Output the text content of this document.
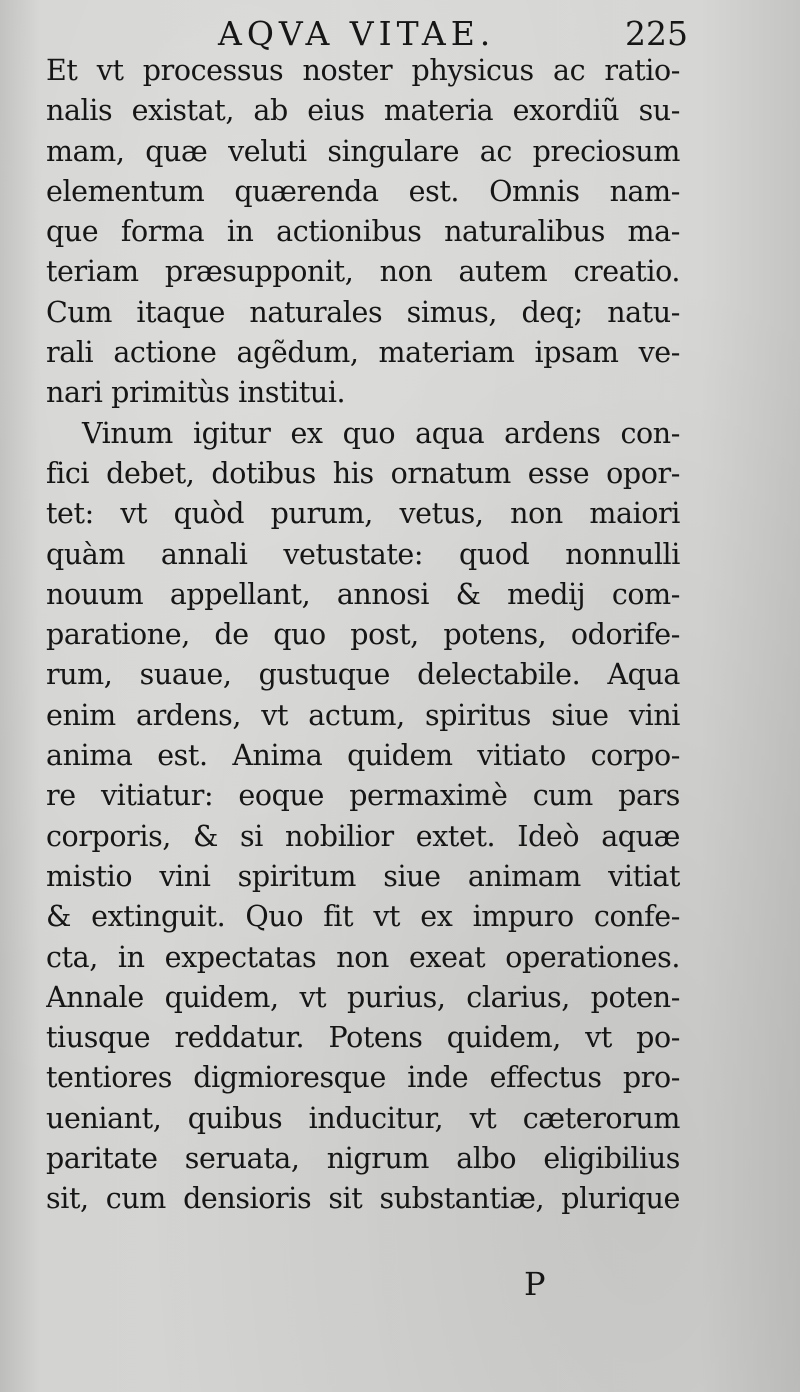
AQVA VITAE.	225
Et vt processus noster physicus ac ratio-
nalis existat, ab eius materia exordiũ su-
mam, quæ veluti singulare ac preciosum
elementum quærenda est. Omnis nam-
que forma in actionibus naturalibus ma-
teriam præsupponit, non autem creatio.
Cum itaque naturales simus, deq; natu-
rali actione agẽdum, materiam ipsam ve-
nari primitùs institui.
Vinum igitur ex quo aqua ardens con-
fici debet, dotibus his ornatum esse opor-
tet: vt quòd purum, vetus, non maiori
quàm annali vetustate: quod nonnulli
nouum appellant, annosi & medij com-
paratione, de quo post, potens, odorife-
rum, suaue, gustuque delectabile. Aqua
enim ardens, vt actum, spiritus siue vini
anima est. Anima quidem vitiato corpo-
re vitiatur: eoque permaximè cum pars
corporis, & si nobilior extet. Ideò aquæ
mistio vini spiritum siue animam vitiat
& extinguit. Quo fit vt ex impuro confe-
cta, in expectatas non exeat operationes.
Annale quidem, vt purius, clarius, poten-
tiusque reddatur. Potens quidem, vt po-
tentiores digmioresque inde effectus pro-
ueniant, quibus inducitur, vt cæterorum
paritate seruata, nigrum albo eligibilius
sit, cum densioris sit substantiæ, plurique
P
